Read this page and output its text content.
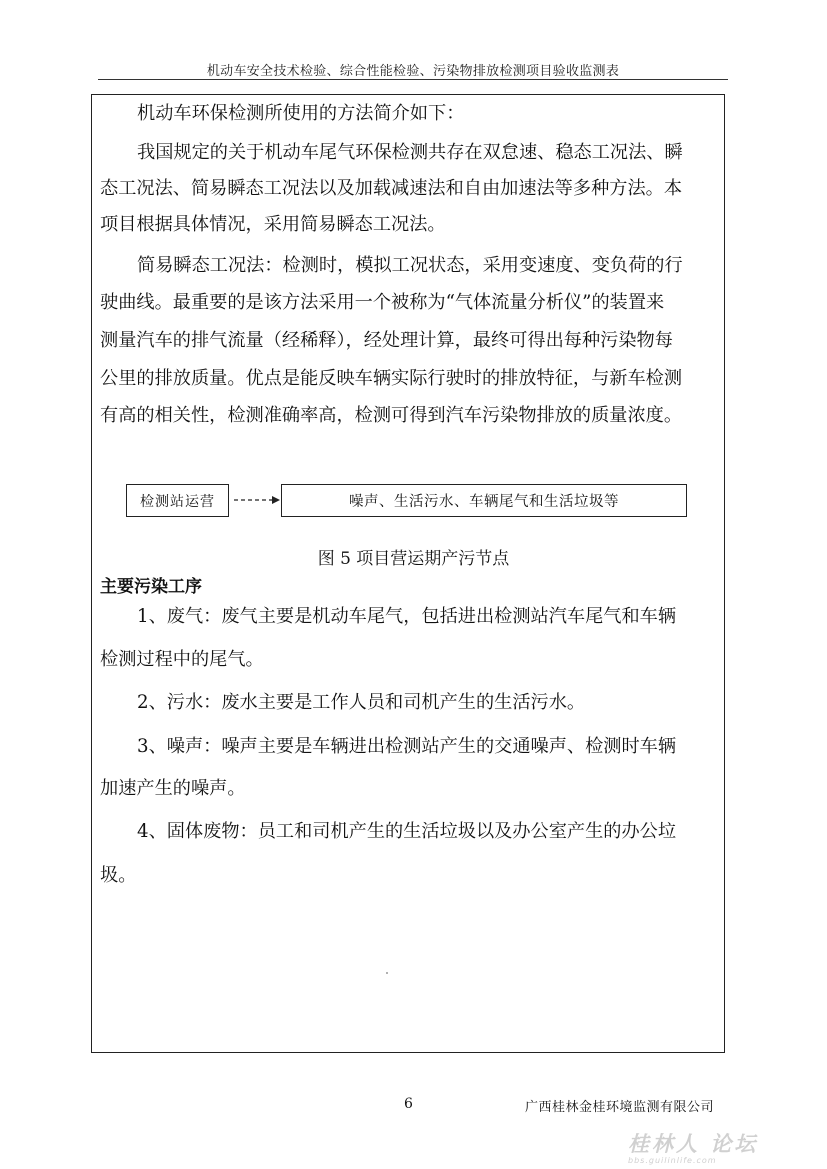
机动车安全技术检验、综合性能检验、污染物排放检测项目验收监测表
机动车环保检测所使用的方法简介如下：
我国规定的关于机动车尾气环保检测共存在双怠速、稳态工况法、瞬
态工况法、简易瞬态工况法以及加载减速法和自由加速法等多种方法。本
项目根据具体情况，采用简易瞬态工况法。
简易瞬态工况法：检测时，模拟工况状态，采用变速度、变负荷的行
驶曲线。最重要的是该方法采用一个被称为“气体流量分析仪”的装置来
测量汽车的排气流量（经稀释），经处理计算，最终可得出每种污染物每
公里的排放质量。优点是能反映车辆实际行驶时的排放特征，与新车检测
有高的相关性，检测准确率高，检测可得到汽车污染物排放的质量浓度。
检测站运营	噪声、生活污水、车辆尾气和生活垃圾等
图 5 项目营运期产污节点
主要污染工序
1、废气：废气主要是机动车尾气，包括进出检测站汽车尾气和车辆
检测过程中的尾气。
2、污水：废水主要是工作人员和司机产生的生活污水。
3、噪声：噪声主要是车辆进出检测站产生的交通噪声、检测时车辆
加速产生的噪声。
4、固体废物：员工和司机产生的生活垃圾以及办公室产生的办公垃
圾。
6	广西桂林金桂环境监测有限公司
桂林人 论坛
bbs.guilinlife.com
